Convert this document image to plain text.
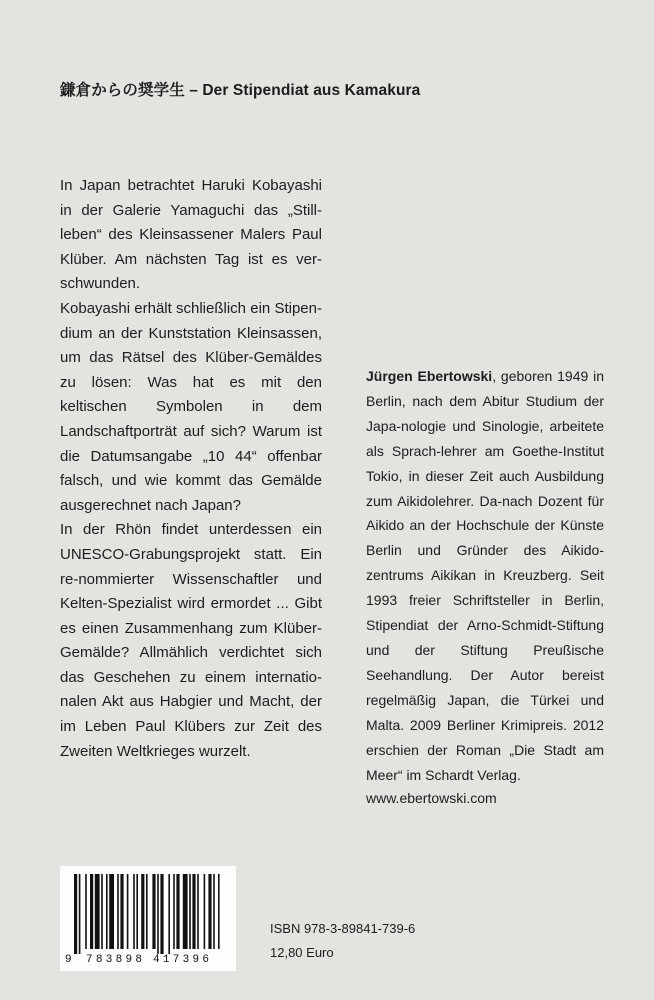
鎌倉からの奨学生 – Der Stipendiat aus Kamakura

In Japan betrachtet Haruki Kobayashi in der Galerie Yamaguchi das „Still-leben“ des Kleinsassener Malers Paul Klüber. Am nächsten Tag ist es ver-schwunden.

Kobayashi erhält schließlich ein Stipen-dium an der Kunststation Kleinsassen, um das Rätsel des Klüber-Gemäldes zu lösen: Was hat es mit den keltischen Symbolen in dem Landschaftporträt auf sich? Warum ist die Datumsangabe „10 44“ offenbar falsch, und wie kommt das Gemälde ausgerechnet nach Japan?

In der Rhön findet unterdessen ein UNESCO-Grabungsprojekt statt. Ein re-nommierter Wissenschaftler und Kelten-Spezialist wird ermordet ... Gibt es einen Zusammenhang zum Klüber-Gemälde? Allmählich verdichtet sich das Geschehen zu einem internatio-nalen Akt aus Habgier und Macht, der im Leben Paul Klübers zur Zeit des Zweiten Weltkrieges wurzelt.

Jürgen Ebertowski, geboren 1949 in Berlin, nach dem Abitur Studium der Japa-nologie und Sinologie, arbeitete als Sprach-lehrer am Goethe-Institut Tokio, in dieser Zeit auch Ausbildung zum Aikidolehrer. Da-nach Dozent für Aikido an der Hochschule der Künste Berlin und Gründer des Aikido-zentrums Aikikan in Kreuzberg. Seit 1993 freier Schriftsteller in Berlin, Stipendiat der Arno-Schmidt-Stiftung und der Stiftung Preußische Seehandlung. Der Autor bereist regelmäßig Japan, die Türkei und Malta. 2009 Berliner Krimipreis. 2012 erschien der Roman „Die Stadt am Meer“ im Schardt Verlag.
www.ebertowski.com
9 783898 417396
ISBN 978-3-89841-739-6
12,80 Euro
